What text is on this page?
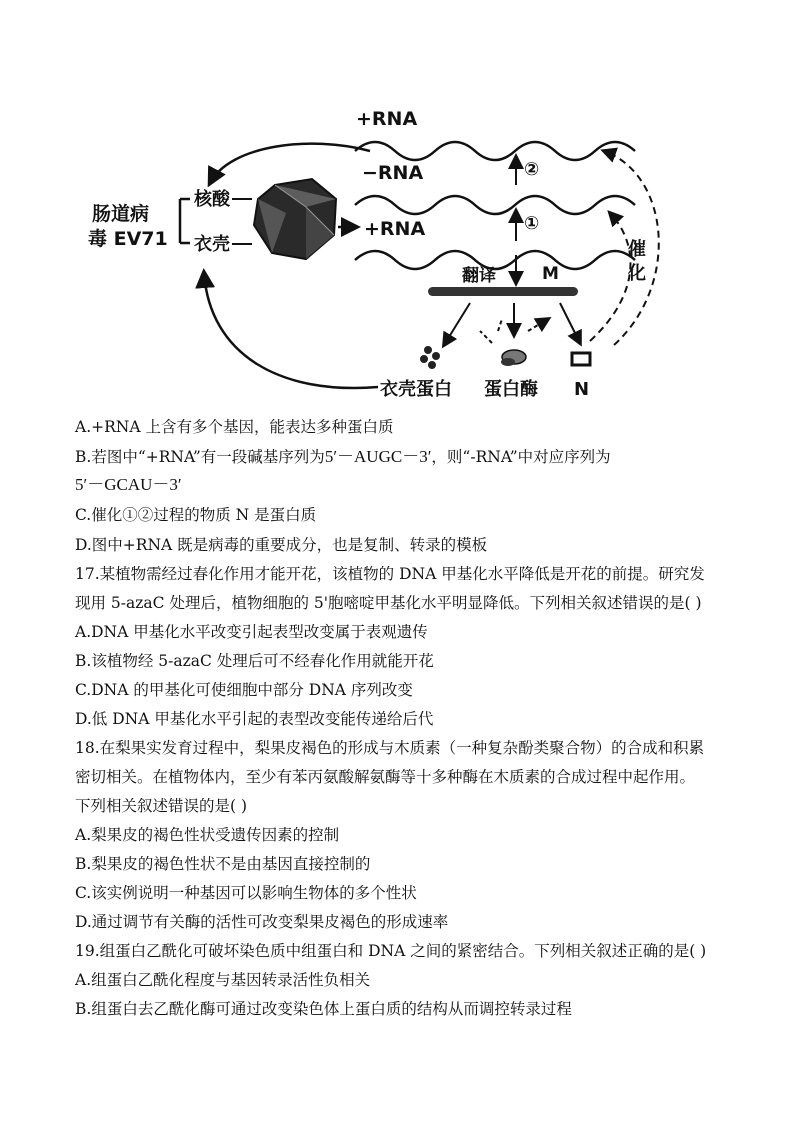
肠道病
毒 EV71
核酸
衣壳
+RNA
−RNA
+RNA
②
①
翻译	M
衣壳蛋白 蛋白酶 N
催
化

A.+RNA 上含有多个基因，能表达多种蛋白质

B.若图中“+RNA”有一段碱基序列为5′－AUGC－3′，则“-RNA”中对应序列为

5′－GCAU－3′

C.催化①②过程的物质 N 是蛋白质

D.图中+RNA 既是病毒的重要成分，也是复制、转录的模板

17.某植物需经过春化作用才能开花，该植物的 DNA 甲基化水平降低是开花的前提。研究发

现用 5-azaC 处理后，植物细胞的 5'胞嘧啶甲基化水平明显降低。下列相关叙述错误的是( )

A.DNA 甲基化水平改变引起表型改变属于表观遗传

B.该植物经 5-azaC 处理后可不经春化作用就能开花

C.DNA 的甲基化可使细胞中部分 DNA 序列改变

D.低 DNA 甲基化水平引起的表型改变能传递给后代

18.在梨果实发育过程中，梨果皮褐色的形成与木质素（一种复杂酚类聚合物）的合成和积累

密切相关。在植物体内，至少有苯丙氨酸解氨酶等十多种酶在木质素的合成过程中起作用。

下列相关叙述错误的是( )

A.梨果皮的褐色性状受遗传因素的控制

B.梨果皮的褐色性状不是由基因直接控制的

C.该实例说明一种基因可以影响生物体的多个性状

D.通过调节有关酶的活性可改变梨果皮褐色的形成速率

19.组蛋白乙酰化可破坏染色质中组蛋白和 DNA 之间的紧密结合。下列相关叙述正确的是( )

A.组蛋白乙酰化程度与基因转录活性负相关

B.组蛋白去乙酰化酶可通过改变染色体上蛋白质的结构从而调控转录过程
